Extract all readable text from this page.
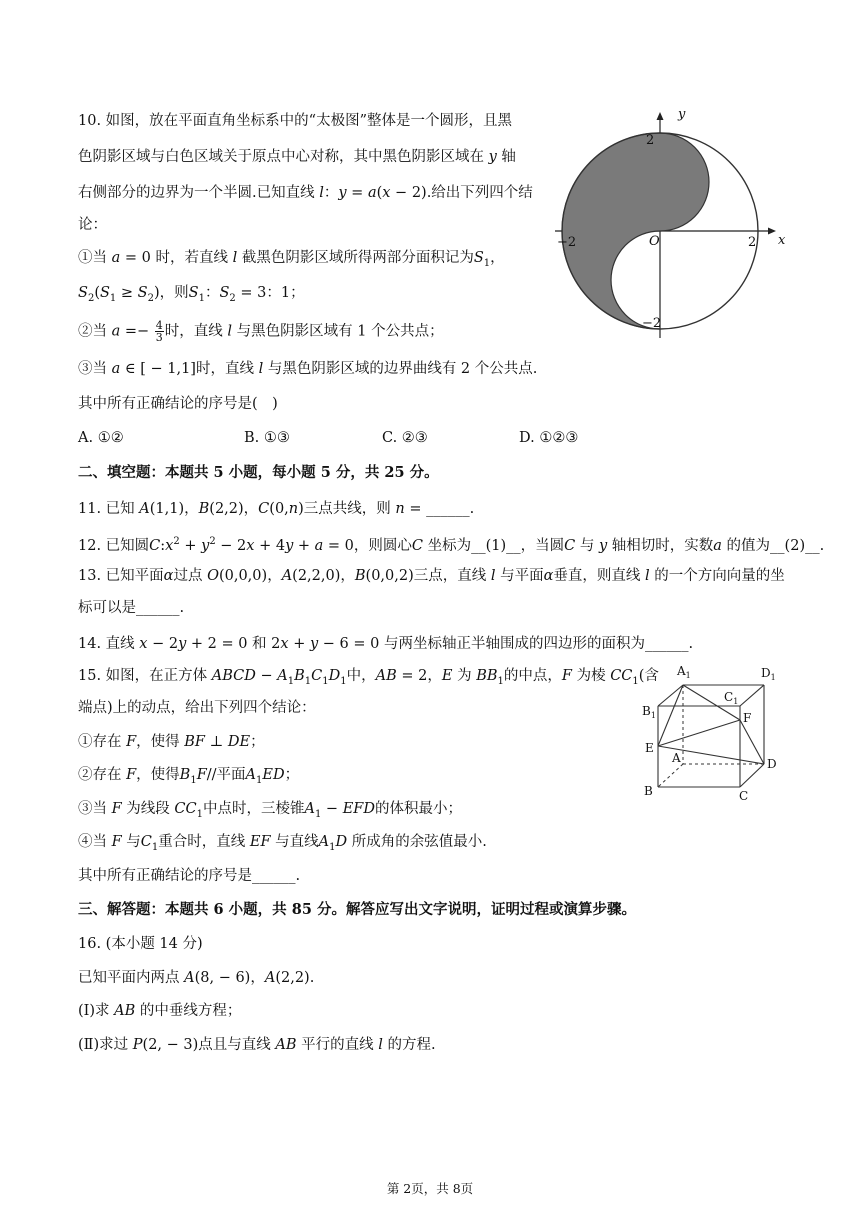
10. 如图，放在平面直角坐标系中的“太极图”整体是一个圆形，且黑
色阴影区域与白色区域关于原点中心对称，其中黑色阴影区域在 y 轴
右侧部分的边界为一个半圆.已知直线 l：y = a(x − 2).给出下列四个结
论：
①当 a = 0 时，若直线 l 截黑色阴影区域所得两部分面积记为$S_1$，
$S_2(S_1 \ge S_2)$，则$S_1$：$S_2 = 3$：1；
②当 $a =- \frac{4}{3}$ 时，直线 l 与黑色阴影区域有 1 个公共点；
③当 a ∈ [ − 1,1]时，直线 l 与黑色阴影区域的边界曲线有 2 个公共点.
其中所有正确结论的序号是(　)
A. ①②	B. ①③	C. ②③	D. ①②③
y
x
O
−2	2
2
−2
二、填空题：本题共 5 小题，每小题 5 分，共 25 分。
11. 已知 A(1,1)，B(2,2)，C(0,n)三点共线，则 n = ______.
12. 已知圆$C:x^2 + y^2 - 2x + 4y + a = 0$，则圆心C 坐标为__(1)__，当圆C 与 y 轴相切时，实数a 的值为__(2)__.
13. 已知平面α过点 O(0,0,0)，A(2,2,0)，B(0,0,2)三点，直线 l 与平面α垂直，则直线 l 的一个方向向量的坐
标可以是______.
14. 直线 x − 2y + 2 = 0 和 2x + y − 6 = 0 与两坐标轴正半轴围成的四边形的面积为______.
15. 如图，在正方体 ABCD − $A_1B_1C_1D_1$中，AB = 2，E 为 $BB_1$的中点，F 为棱 $CC_1$(含
端点)上的动点，给出下列四个结论：
①存在 F，使得 BF ⊥ DE；
②存在 F，使得$B_1F//$平面$A_1ED$；
③当 F 为线段 $CC_1$中点时，三棱锥$A_1$ − EFD的体积最小；
④当 F 与$C_1$重合时，直线 EF 与直线$A_1D$ 所成角的余弦值最小.
其中所有正确结论的序号是______.
$A_1$	$D_1$
$B_1$
$C_1$
F
E
A	D
B	C
三、解答题：本题共 6 小题，共 85 分。解答应写出文字说明，证明过程或演算步骤。
16. (本小题 14 分)
已知平面内两点 A(8, − 6)，A(2,2).
(Ⅰ)求 AB 的中垂线方程；
(Ⅱ)求过 P(2, − 3)点且与直线 AB 平行的直线 l 的方程.
第 2页，共 8页
